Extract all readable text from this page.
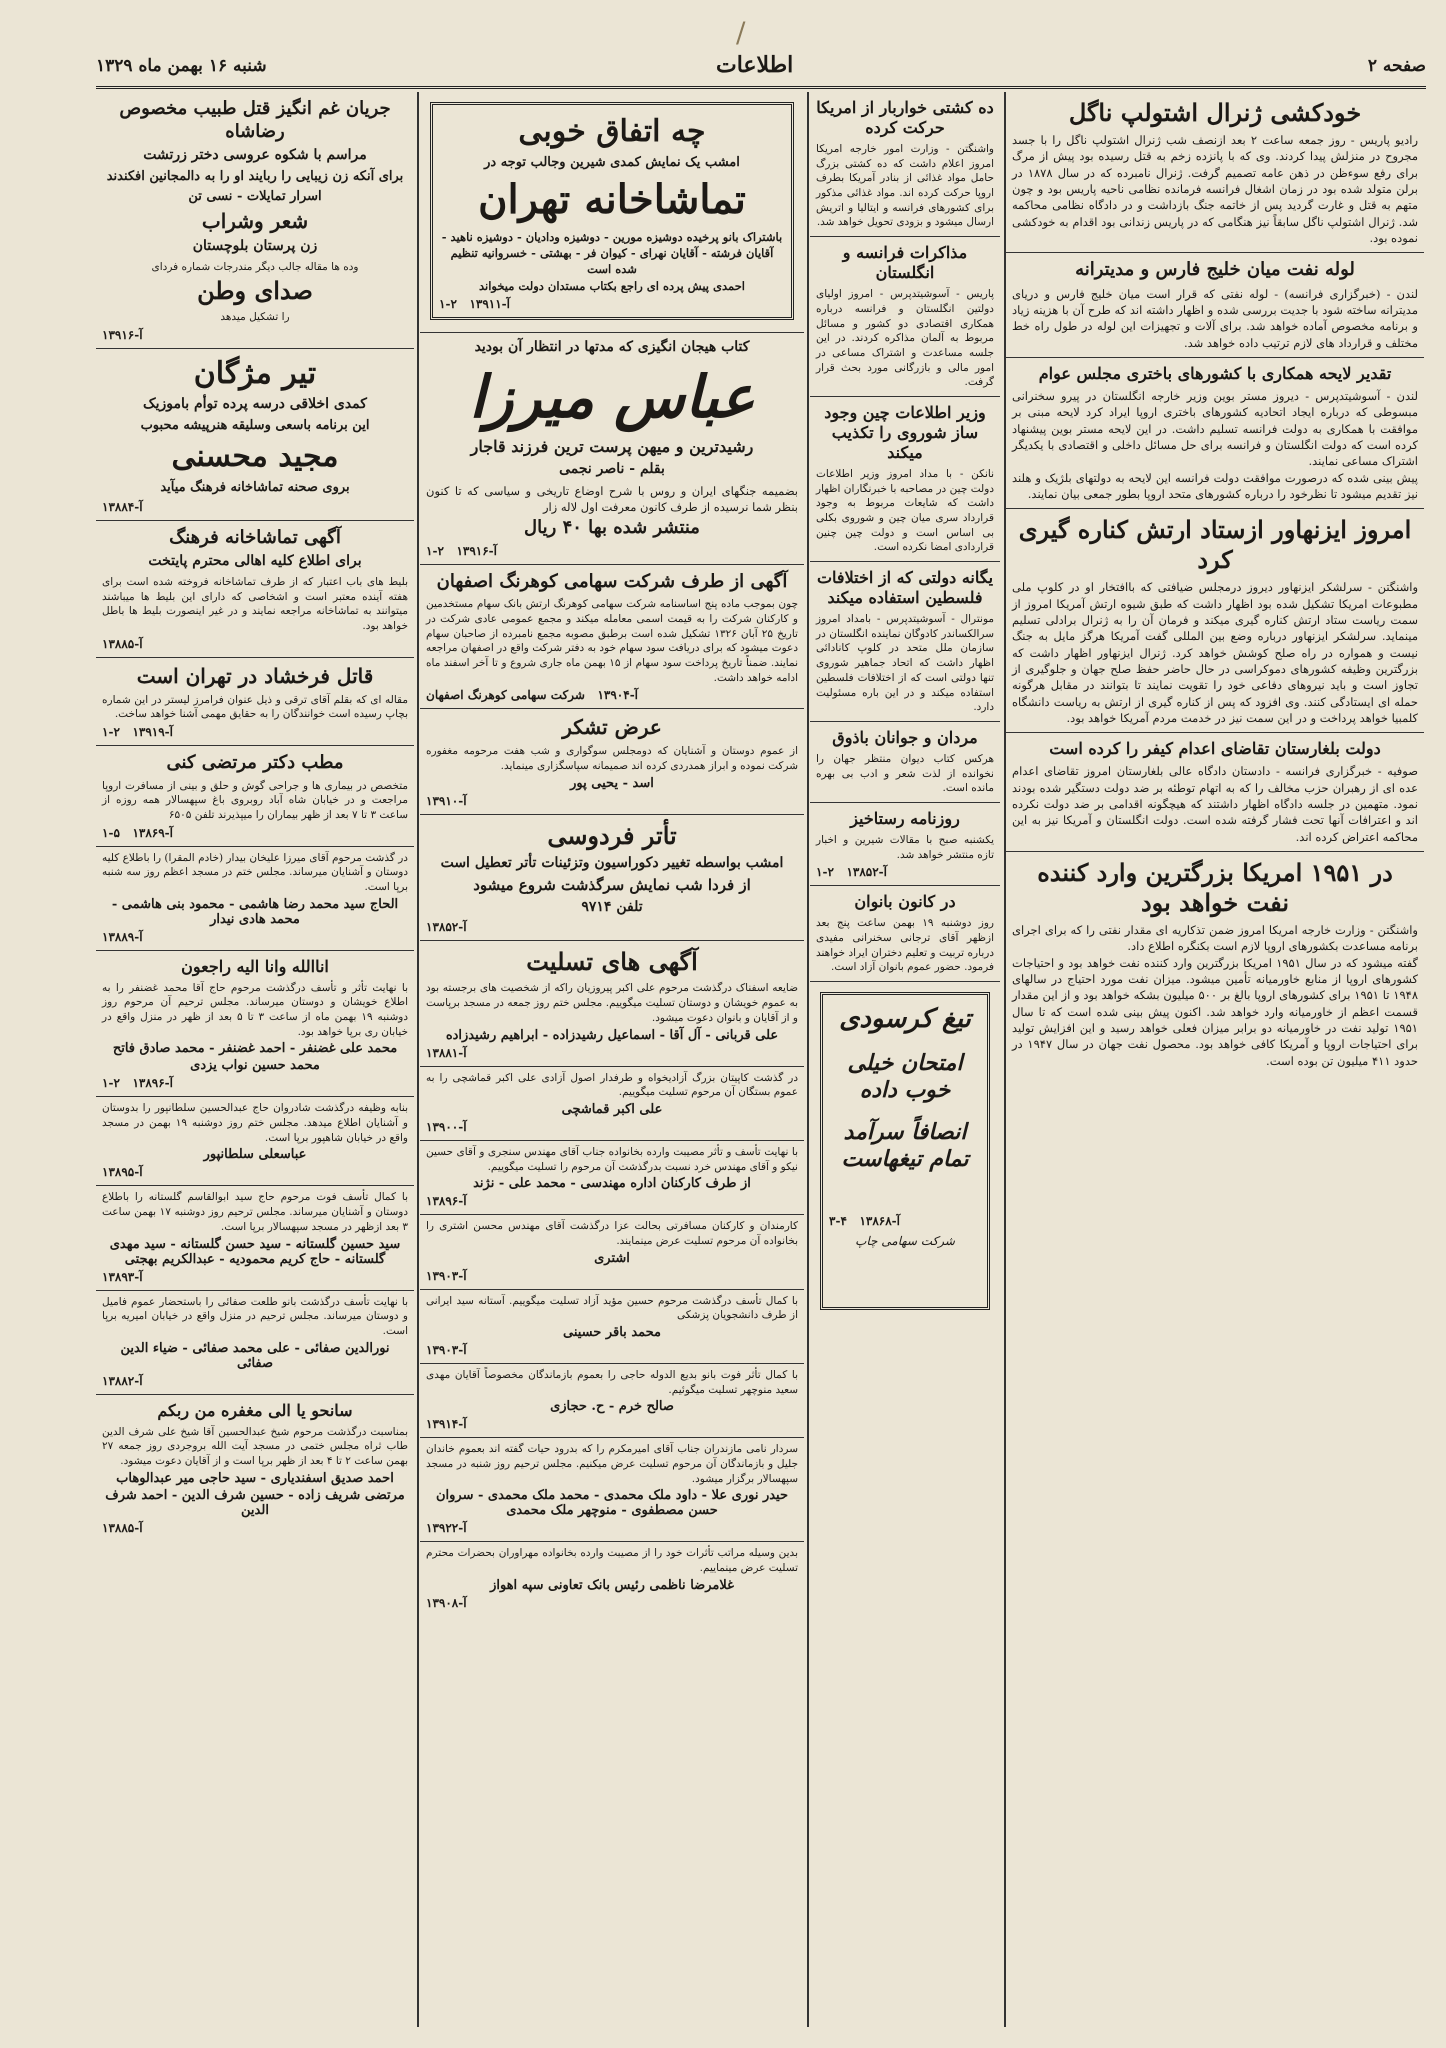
/
صفحه ۲
اطلاعات
شنبه ۱۶ بهمن ماه ۱۳۲۹
خودکشی ژنرال اشتولپ ناگل
رادیو پاریس - روز جمعه ساعت ۲ بعد ازنصف شب ژنرال اشتولپ ناگل را با جسد مجروح در منزلش پیدا کردند. وی که با پانزده زخم به قتل رسیده بود پیش از مرگ برای رفع سوءظن در ذهن عامه تصمیم گرفت. ژنرال نامبرده که در سال ۱۸۷۸ در برلن متولد شده بود در زمان اشغال فرانسه فرمانده نظامی ناحیه پاریس بود و چون متهم به قتل و غارت گردید پس از خاتمه جنگ بازداشت و در دادگاه نظامی محاکمه شد. ژنرال اشتولپ ناگل سابقاً نیز هنگامی که در پاریس زندانی بود اقدام به خودکشی نموده بود.
لوله نفت میان خلیج فارس و مدیترانه
لندن - (خبرگزاری فرانسه) - لوله نفتی که قرار است میان خلیج فارس و دریای مدیترانه ساخته شود با جدیت بررسی شده و اظهار داشته اند که طرح آن با هزینه زیاد و برنامه مخصوص آماده خواهد شد. برای آلات و تجهیزات این لوله در طول راه خط مختلف و قرارداد های لازم ترتیب داده خواهد شد.
تقدیر لایحه همکاری با کشورهای باختری مجلس عوام
لندن - آسوشیتدپرس - دیروز مستر بوین وزیر خارجه انگلستان در پیرو سخنرانی مبسوطی که درباره ایجاد اتحادیه کشورهای باختری اروپا ایراد کرد لایحه مبنی بر موافقت با همکاری به دولت فرانسه تسلیم داشت. در این لایحه مستر بوین پیشنهاد کرده است که دولت انگلستان و فرانسه برای حل مسائل داخلی و اقتصادی با یکدیگر اشتراک مساعی نمایند.
پیش بینی شده که درصورت موافقت دولت فرانسه این لایحه به دولتهای بلژیک و هلند نیز تقدیم میشود تا نظرخود را درباره کشورهای متحد اروپا بطور جمعی بیان نمایند.
امروز ایزنهاور ازستاد ارتش کناره گیری کرد
واشنگتن - سرلشکر ایزنهاور دیروز درمجلس ضیافتی که باافتخار او در کلوپ ملی مطبوعات امریکا تشکیل شده بود اظهار داشت که طبق شیوه ارتش آمریکا امروز از سمت ریاست ستاد ارتش کناره گیری میکند و فرمان آن را به ژنرال برادلی تسلیم مینماید. سرلشکر ایزنهاور درباره وضع بین المللی گفت آمریکا هرگز مایل به جنگ نیست و همواره در راه صلح کوشش خواهد کرد. ژنرال ایزنهاور اظهار داشت که بزرگترین وظیفه کشورهای دموکراسی در حال حاضر حفظ صلح جهان و جلوگیری از تجاوز است و باید نیروهای دفاعی خود را تقویت نمایند تا بتوانند در مقابل هرگونه حمله ای ایستادگی کنند. وی افزود که پس از کناره گیری از ارتش به ریاست دانشگاه کلمبیا خواهد پرداخت و در این سمت نیز در خدمت مردم آمریکا خواهد بود.
دولت بلغارستان تقاضای اعدام کیفر را کرده است
صوفیه - خبرگزاری فرانسه - دادستان دادگاه عالی بلغارستان امروز تقاضای اعدام عده ای از رهبران حزب مخالف را که به اتهام توطئه بر ضد دولت دستگیر شده بودند نمود. متهمین در جلسه دادگاه اظهار داشتند که هیچگونه اقدامی بر ضد دولت نکرده اند و اعترافات آنها تحت فشار گرفته شده است. دولت انگلستان و آمریکا نیز به این محاکمه اعتراض کرده اند.
در ۱۹۵۱ امریکا بزرگترین وارد کننده نفت خواهد بود
واشنگتن - وزارت خارجه امریکا امروز ضمن تذکاریه ای مقدار نفتی را که برای اجرای برنامه مساعدت بکشورهای اروپا لازم است بکنگره اطلاع داد.
گفته میشود که در سال ۱۹۵۱ امریکا بزرگترین وارد کننده نفت خواهد بود و احتیاجات کشورهای اروپا از منابع خاورمیانه تأمین میشود. میزان نفت مورد احتیاج در سالهای ۱۹۴۸ تا ۱۹۵۱ برای کشورهای اروپا بالغ بر ۵۰۰ میلیون بشکه خواهد بود و از این مقدار قسمت اعظم از خاورمیانه وارد خواهد شد. اکنون پیش بینی شده است که تا سال ۱۹۵۱ تولید نفت در خاورمیانه دو برابر میزان فعلی خواهد رسید و این افزایش تولید برای احتیاجات اروپا و آمریکا کافی خواهد بود. محصول نفت جهان در سال ۱۹۴۷ در حدود ۴۱۱ میلیون تن بوده است.
ده کشتی خواربار از امریکا حرکت کرده
واشنگتن - وزارت امور خارجه امریکا امروز اعلام داشت که ده کشتی بزرگ حامل مواد غذائی از بنادر آمریکا بطرف اروپا حرکت کرده اند. مواد غذائی مذکور برای کشورهای فرانسه و ایتالیا و اتریش ارسال میشود و بزودی تحویل خواهد شد.
مذاکرات فرانسه و انگلستان
پاریس - آسوشیتدپرس - امروز اولیای دولتین انگلستان و فرانسه درباره همکاری اقتصادی دو کشور و مسائل مربوط به آلمان مذاکره کردند. در این جلسه مساعدت و اشتراک مساعی در امور مالی و بازرگانی مورد بحث قرار گرفت.
وزیر اطلاعات چین وجود ساز شوروی را تکذیب میکند
نانکن - با مداد امروز وزیر اطلاعات دولت چین در مصاحبه با خبرنگاران اظهار داشت که شایعات مربوط به وجود قرارداد سری میان چین و شوروی بکلی بی اساس است و دولت چین چنین قراردادی امضا نکرده است.
یگانه دولتی که از اختلافات فلسطین استفاده میکند
مونترال - آسوشیتدپرس - بامداد امروز سرالکساندر کادوگان نماینده انگلستان در سازمان ملل متحد در کلوپ کانادائی اظهار داشت که اتحاد جماهیر شوروی تنها دولتی است که از اختلافات فلسطین استفاده میکند و در این باره مسئولیت دارد.
مردان و جوانان باذوق
هرکس کتاب دیوان منتظر جهان را نخوانده از لذت شعر و ادب بی بهره مانده است.
روزنامه رستاخیز
یکشنبه صبح با مقالات شیرین و اخبار تازه منتشر خواهد شد.
آ-۱۳۸۵۲   ۲-۱
در کانون بانوان
روز دوشنبه ۱۹ بهمن ساعت پنج بعد ازظهر آقای ترجانی سخنرانی مفیدی درباره تربیت و تعلیم دختران ایراد خواهند فرمود. حضور عموم بانوان آزاد است.
تیغ کرسودی
امتحان خیلی خوب داده
انصافاً سرآمد تمام تیغهاست
آ-۱۳۸۶۸   ۴-۳
شرکت سهامی چاپ
چه اتفاق خوبی
امشب یک نمایش کمدی شیرین وجالب توجه در
تماشاخانه تهران
باشتراک بانو پرخیده دوشیزه مورین - دوشیزه ودادیان - دوشیزه ناهید - آقایان فرشته - آقایان نهرای - کیوان فر - بهشتی - خسروانیه تنظیم شده است
احمدی پیش پرده ای راجع بکتاب مستدان دولت میخواند
آ-۱۳۹۱۱   ۲-۱
کتاب هیجان انگیزی که مدتها در انتظار آن بودید
عباس میرزا
رشیدترین و میهن پرست ترین فرزند قاجار
بقلم - ناصر نجمی
بضمیمه جنگهای ایران و روس با شرح اوضاع تاریخی و سیاسی که تا کنون بنظر شما نرسیده از طرف کانون معرفت اول لاله زار
منتشر شده بها ۴۰ ریال
آ-۱۳۹۱۶   ۲-۱
آگهی از طرف شرکت سهامی کوهرنگ اصفهان
چون بموجب ماده پنج اساسنامه شرکت سهامی کوهرنگ ارتش بانک سهام مستخدمین و کارکنان شرکت را به قیمت اسمی معامله میکند و مجمع عمومی عادی شرکت در تاریخ ۲۵ آبان ۱۳۲۶ تشکیل شده است برطبق مصوبه مجمع نامبرده از صاحبان سهام دعوت میشود که برای دریافت سود سهام خود به دفتر شرکت واقع در اصفهان مراجعه نمایند. ضمناً تاریخ پرداخت سود سهام از ۱۵ بهمن ماه جاری شروع و تا آخر اسفند ماه ادامه خواهد داشت.
آ-۱۳۹۰۴   شرکت سهامی کوهرنگ اصفهان
عرض تشکر
از عموم دوستان و آشنایان که دومجلس سوگواری و شب هفت مرحومه مغفوره شرکت نموده و ابراز همدردی کرده اند صمیمانه سپاسگزاری مینماید.
اسد - یحیی پور
آ-۱۳۹۱۰
تأتر فردوسی
امشب بواسطه تغییر دکوراسیون وتزئینات تأتر تعطیل است
از فردا شب نمایش سرگذشت شروع میشود
تلفن ۹۷۱۴
آ-۱۳۸۵۲
آگهی های تسلیت
ضایعه اسفناک درگذشت مرحوم علی اکبر پیروزیان راکه از شخصیت های برجسته بود به عموم خویشان و دوستان تسلیت میگوییم. مجلس ختم روز جمعه در مسجد برپاست و از آقایان و بانوان دعوت میشود.
علی قربانی - آل آقا - اسماعیل رشیدزاده - ابراهیم رشیدزاده
آ-۱۳۸۸۱
در گذشت کاپیتان بزرگ آزادیخواه و طرفدار اصول آزادی علی اکبر قماشچی را به عموم بستگان آن مرحوم تسلیت میگوییم.
علی اکبر قماشچی
آ-۱۳۹۰۰
با نهایت تأسف و تأثر مصیبت وارده بخانواده جناب آقای مهندس سنجری و آقای حسین نیکو و آقای مهندس خرد نسبت بدرگذشت آن مرحوم را تسلیت میگوییم.
از طرف کارکنان اداره مهندسی - محمد علی - نژند
آ-۱۳۸۹۶
کارمندان و کارکنان مسافرتی بحالت عزا درگذشت آقای مهندس محسن اشتری را بخانواده آن مرحوم تسلیت عرض مینمایند.
اشتری
آ-۱۳۹۰۳
با کمال تأسف درگذشت مرحوم حسین مؤید آزاد تسلیت میگوییم. آستانه سید ایرانی از طرف دانشجویان پزشکی
محمد باقر حسینی
آ-۱۳۹۰۳
با کمال تأثر فوت بانو بدیع الدوله حاجی را بعموم بازماندگان مخصوصاً آقایان مهدی سعید منوچهر تسلیت میگوئیم.
صالح خرم - ح. حجازی
آ-۱۳۹۱۴
سردار نامی مازندران جناب آقای امیرمکرم را که بدرود حیات گفته اند بعموم خاندان جلیل و بازماندگان آن مرحوم تسلیت عرض میکنیم. مجلس ترحیم روز شنبه در مسجد سپهسالار برگزار میشود.
حیدر نوری علا - داود ملک محمدی - محمد ملک محمدی - سروان حسن مصطفوی - منوچهر ملک محمدی
آ-۱۳۹۲۲
بدین وسیله مراتب تأثرات خود را از مصیبت وارده بخانواده مهراوران بحضرات محترم تسلیت عرض مینماییم.
غلامرضا ناظمی رئیس بانک تعاونی سپه اهواز
آ-۱۳۹۰۸
جریان غم انگیز قتل طبیب مخصوص رضاشاه
مراسم با شکوه عروسی دختر زرتشت
برای آنکه زن زیبایی را ربایند او را به دالمجانین افکندند
اسرار تمایلات - نسی تن
شعر وشراب
زن پرستان بلوچستان
وده ها مقاله جالب دیگر مندرجات شماره فردای
صدای وطن
را تشکیل میدهد
آ-۱۳۹۱۶
تیر مژگان
کمدی اخلاقی درسه پرده توأم باموزیک
این برنامه باسعی وسلیقه هنرپیشه محبوب
مجید محسنی
بروی صحنه تماشاخانه فرهنگ میآید
آ-۱۳۸۸۴
آگهی تماشاخانه فرهنگ
برای اطلاع کلیه اهالی محترم پایتخت
بلیط های باب اعتبار که از طرف تماشاخانه فروخته شده است برای هفته آینده معتبر است و اشخاصی که دارای این بلیط ها میباشند میتوانند به تماشاخانه مراجعه نمایند و در غیر اینصورت بلیط ها باطل خواهد بود.
آ-۱۳۸۸۵
قاتل فرخشاد در تهران است
مقاله ای که بقلم آقای ترقی و ذیل عنوان فرامرز لیستر در این شماره بچاپ رسیده است خوانندگان را به حقایق مهمی آشنا خواهد ساخت.
آ-۱۳۹۱۹   ۲-۱
مطب دکتر مرتضی کنی
متخصص در بیماری ها و جراحی گوش و حلق و بینی از مسافرت اروپا مراجعت و در خیابان شاه آباد روبروی باغ سپهسالار همه روزه از ساعت ۳ تا ۷ بعد از ظهر بیماران را میپذیرند تلفن ۶۵۰۵
آ-۱۳۸۶۹   ۵-۱
در گذشت مرحوم آقای میرزا علیخان بیدار (خادم المقرا) را باطلاع کلیه دوستان و آشنایان میرساند. مجلس ختم در مسجد اعظم روز سه شنبه برپا است.
الحاج سید محمد رضا هاشمی - محمود بنی هاشمی - محمد هادی نیدار
آ-۱۳۸۸۹
اناالله وانا الیه راجعون
با نهایت تأثر و تأسف درگذشت مرحوم حاج آقا محمد غضنفر را به اطلاع خویشان و دوستان میرساند. مجلس ترحیم آن مرحوم روز دوشنبه ۱۹ بهمن ماه از ساعت ۳ تا ۵ بعد از ظهر در منزل واقع در خیابان ری برپا خواهد بود.
محمد علی غضنفر - احمد غضنفر - محمد صادق فاتح
محمد حسین نواب یزدی
آ-۱۳۸۹۶   ۲-۱
بنابه وظیفه درگذشت شادروان حاج عبدالحسین سلطانپور را بدوستان و آشنایان اطلاع میدهد. مجلس ختم روز دوشنبه ۱۹ بهمن در مسجد واقع در خیابان شاهپور برپا است.
عباسعلی سلطانپور
آ-۱۳۸۹۵
با کمال تأسف فوت مرحوم حاج سید ابوالقاسم گلستانه را باطلاع دوستان و آشنایان میرساند. مجلس ترحیم روز دوشنبه ۱۷ بهمن ساعت ۳ بعد ازظهر در مسجد سپهسالار برپا است.
سید حسین گلستانه - سید حسن گلستانه - سید مهدی گلستانه - حاج کریم محمودیه - عبدالکریم بهجتی
آ-۱۳۸۹۳
با نهایت تأسف درگذشت بانو طلعت صفائی را باستحضار عموم فامیل و دوستان میرساند. مجلس ترحیم در منزل واقع در خیابان امیریه برپا است.
نورالدین صفائی - علی محمد صفائی - ضیاء الدین صفائی
آ-۱۳۸۸۲
سانحو یا الی مغفره من ربکم
بمناسبت درگذشت مرحوم شیخ عبدالحسین آقا شیخ علی شرف الدین طاب ثراه مجلس ختمی در مسجد آیت الله بروجردی روز جمعه ۲۷ بهمن ساعت ۲ تا ۴ بعد از ظهر برپا است و از آقایان دعوت میشود.
احمد صدیق اسفندیاری - سید حاجی میر عبدالوهاب
مرتضی شریف زاده - حسین شرف الدین - احمد شرف الدین
آ-۱۳۸۸۵
